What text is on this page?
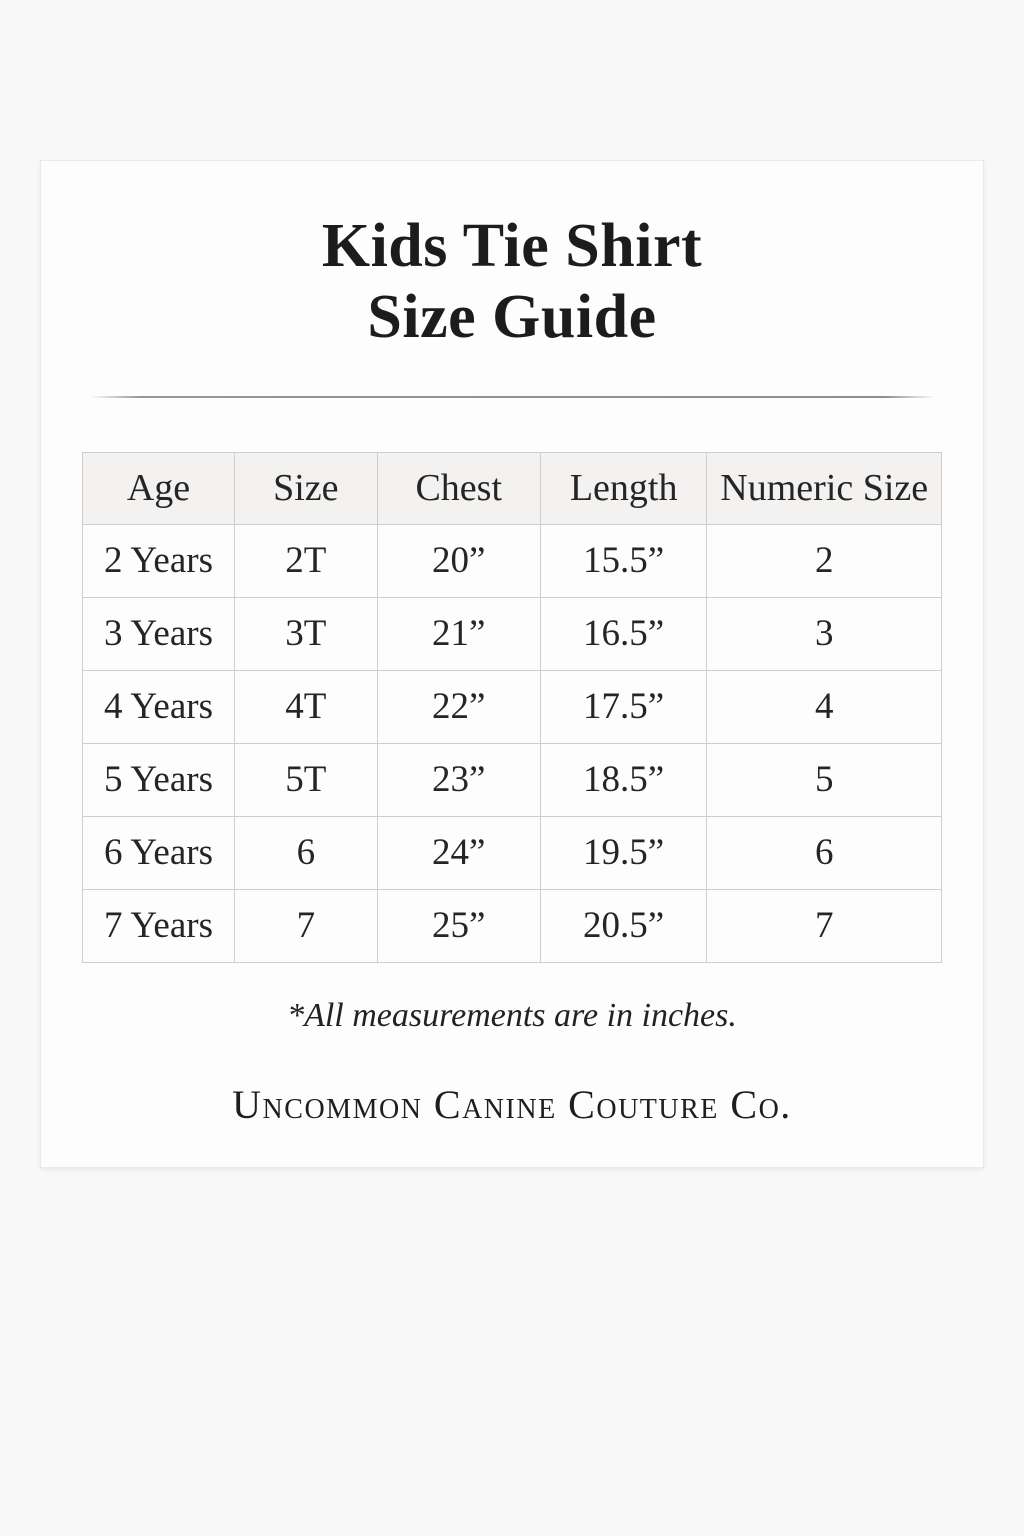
Kids Tie Shirt
Size Guide
Age	Size	Chest	Length	Numeric Size
2 Years	2T	20”	15.5”	2
3 Years	3T	21”	16.5”	3
4 Years	4T	22”	17.5”	4
5 Years	5T	23”	18.5”	5
6 Years	6	24”	19.5”	6
7 Years	7	25”	20.5”	7

*All measurements are in inches.

Uncommon Canine Couture Co.
